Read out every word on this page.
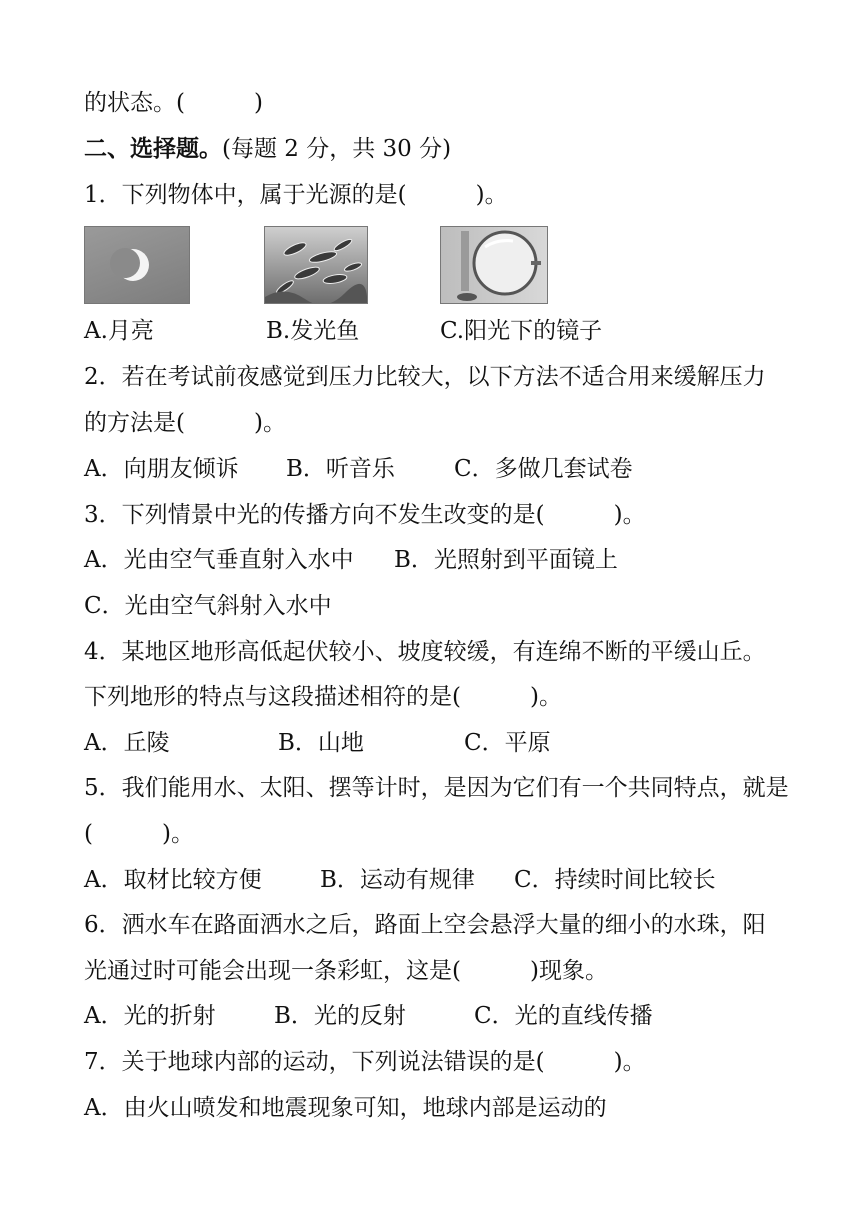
的状态。(　　　)
二、选择题。(每题 2 分，共 30 分)
1．下列物体中，属于光源的是(　　　)。
A.月亮	B.发光鱼	C.阳光下的镜子
2．若在考试前夜感觉到压力比较大，以下方法不适合用来缓解压力
的方法是(　　　)。
A．向朋友倾诉 B．听音乐	C．多做几套试卷
3．下列情景中光的传播方向不发生改变的是(　　　)。
A．光由空气垂直射入水中 B．光照射到平面镜上
C．光由空气斜射入水中
4．某地区地形高低起伏较小、坡度较缓，有连绵不断的平缓山丘。
下列地形的特点与这段描述相符的是(　　　)。
A．丘陵	B．山地	C．平原
5．我们能用水、太阳、摆等计时，是因为它们有一个共同特点，就是
(　　　)。
A．取材比较方便	B．运动有规律 C．持续时间比较长
6．洒水车在路面洒水之后，路面上空会悬浮大量的细小的水珠，阳
光通过时可能会出现一条彩虹，这是(　　　)现象。
A．光的折射	B．光的反射	C．光的直线传播
7．关于地球内部的运动，下列说法错误的是(　　　)。
A．由火山喷发和地震现象可知，地球内部是运动的
